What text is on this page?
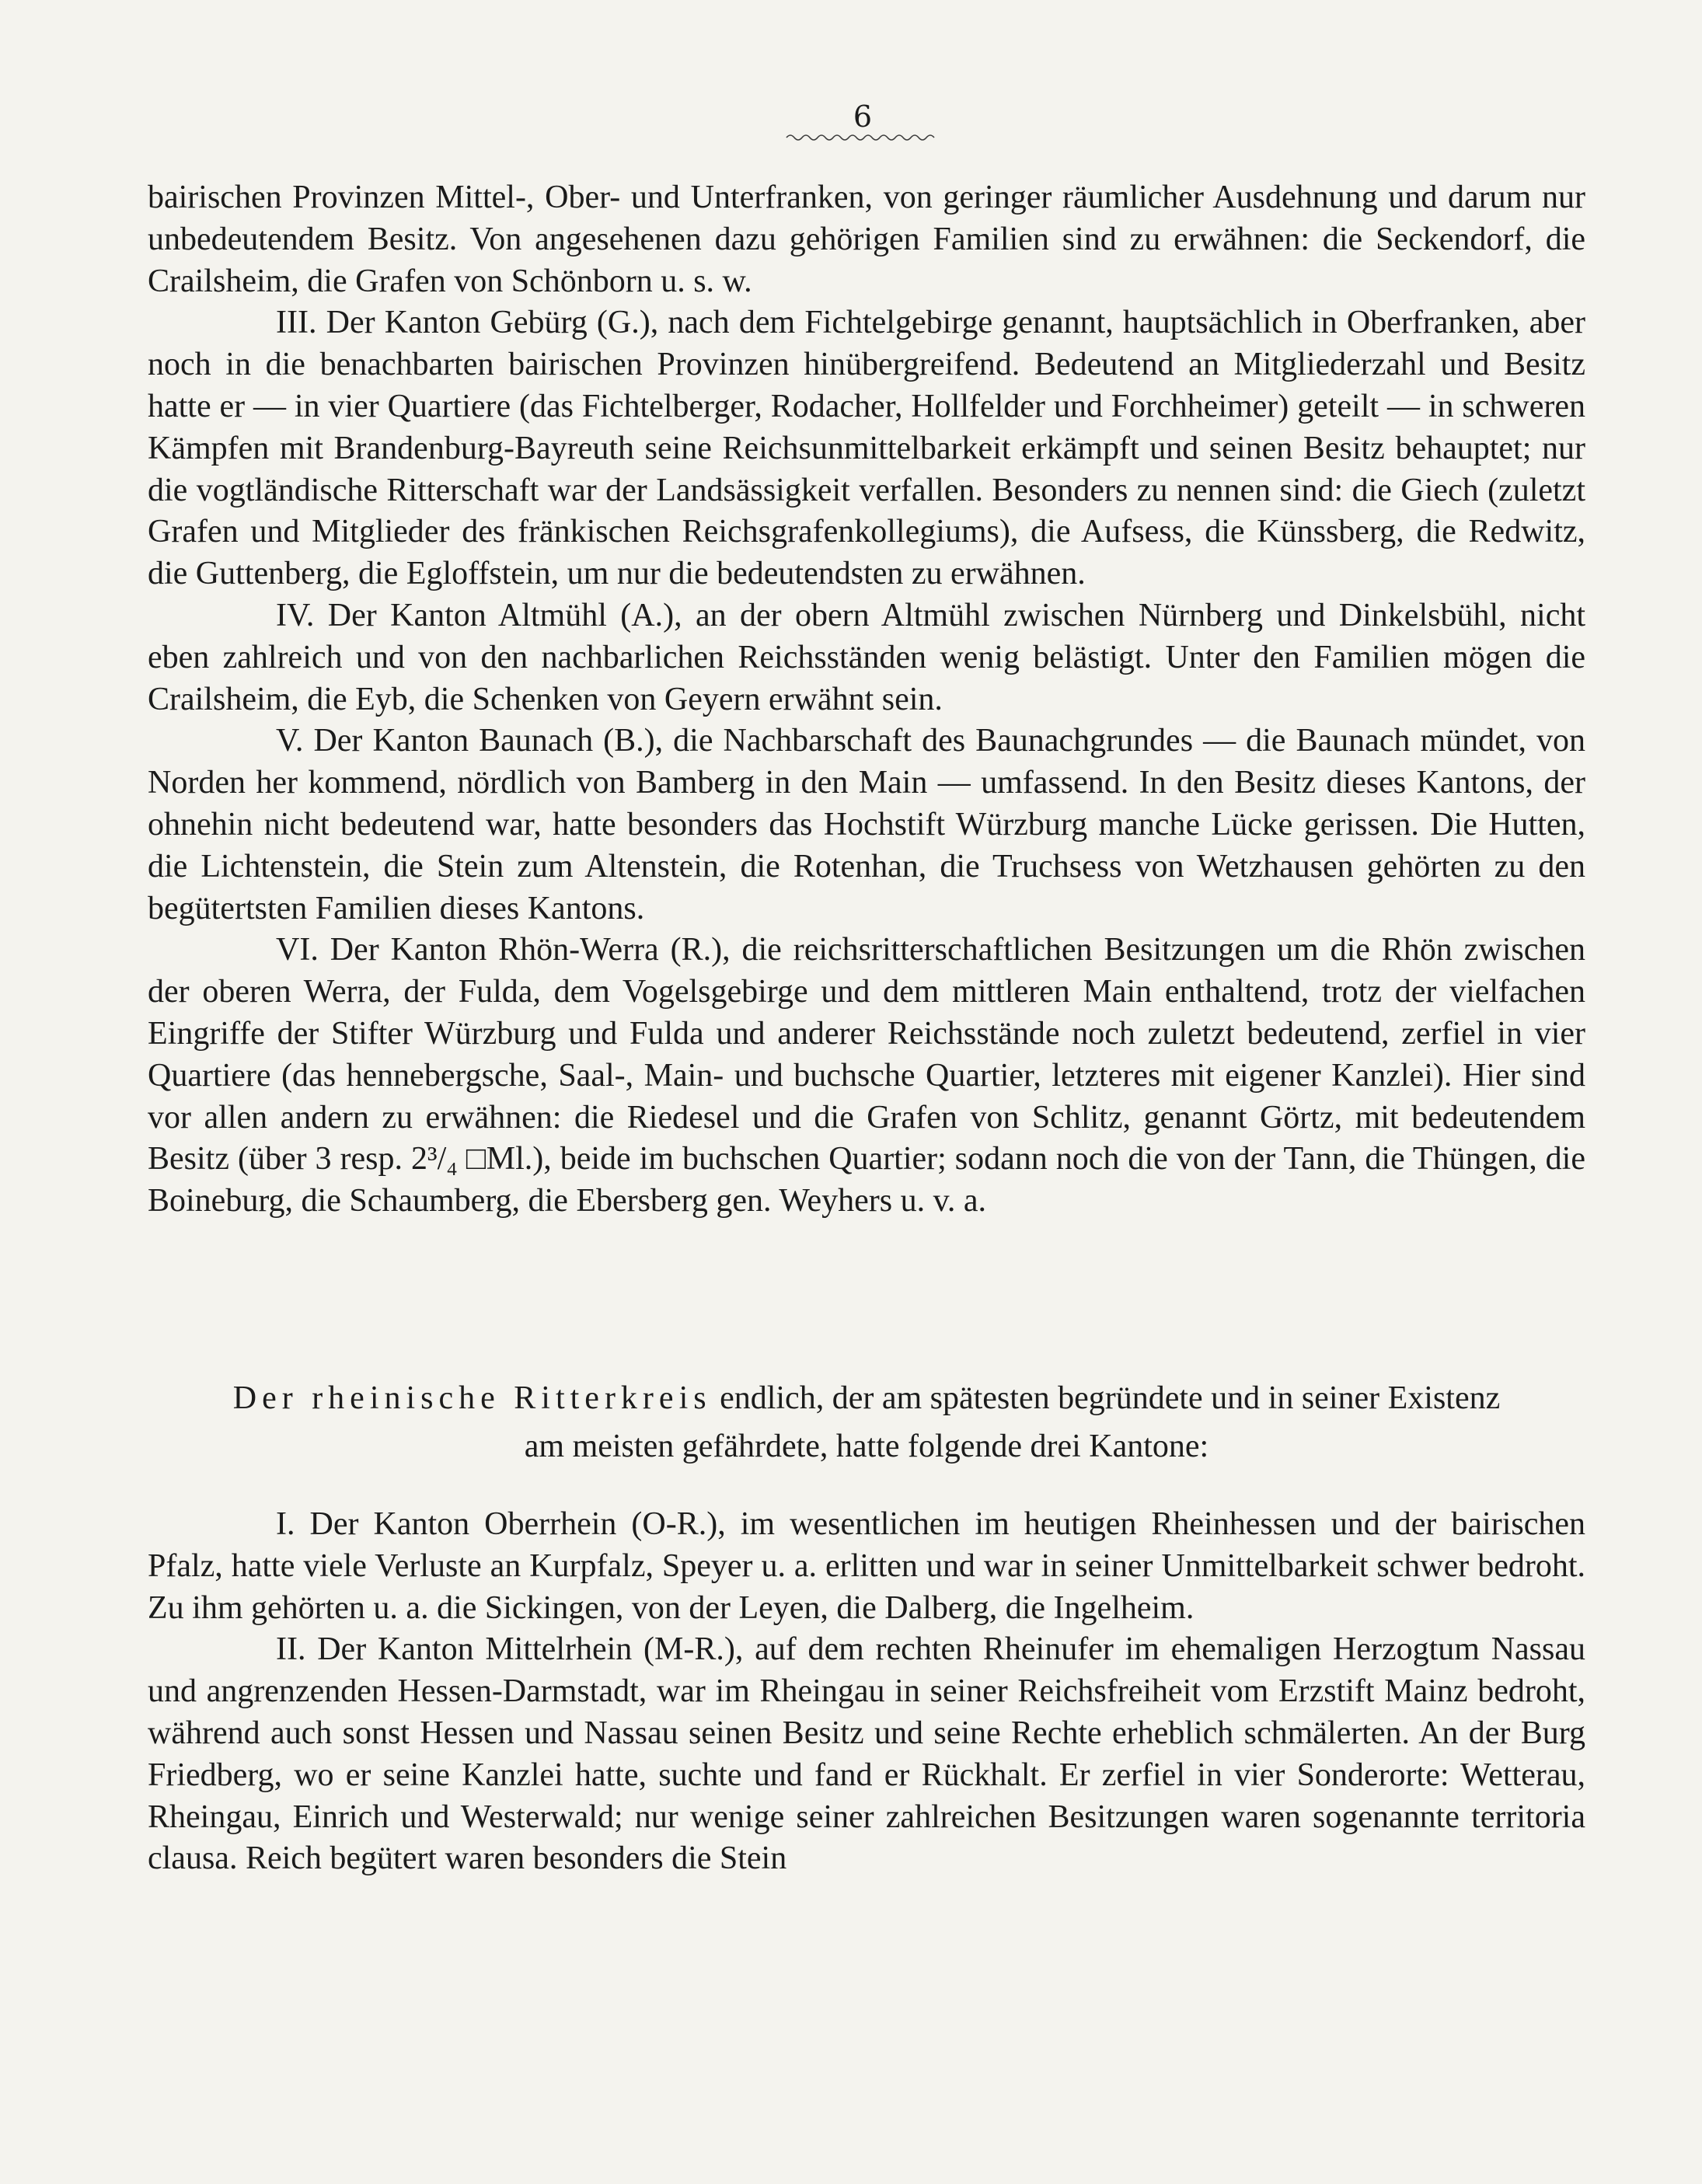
6

bairischen Provinzen Mittel-, Ober- und Unterfranken, von geringer räumlicher Ausdehnung und darum nur unbedeutendem Besitz. Von angesehenen dazu gehörigen Familien sind zu erwähnen: die Seckendorf, die Crailsheim, die Grafen von Schönborn u. s. w.

III. Der Kanton Gebürg (G.), nach dem Fichtelgebirge genannt, hauptsächlich in Oberfranken, aber noch in die benachbarten bairischen Provinzen hinübergreifend. Bedeutend an Mitgliederzahl und Besitz hatte er — in vier Quartiere (das Fichtelberger, Rodacher, Hollfelder und Forchheimer) geteilt — in schweren Kämpfen mit Brandenburg-Bayreuth seine Reichsunmittelbarkeit erkämpft und seinen Besitz behauptet; nur die vogtländische Ritterschaft war der Landsässigkeit verfallen. Besonders zu nennen sind: die Giech (zuletzt Grafen und Mitglieder des fränkischen Reichsgrafenkollegiums), die Aufsess, die Künssberg, die Redwitz, die Guttenberg, die Egloffstein, um nur die bedeutendsten zu erwähnen.

IV. Der Kanton Altmühl (A.), an der obern Altmühl zwischen Nürnberg und Dinkelsbühl, nicht eben zahlreich und von den nachbarlichen Reichsständen wenig belästigt. Unter den Familien mögen die Crailsheim, die Eyb, die Schenken von Geyern erwähnt sein.

V. Der Kanton Baunach (B.), die Nachbarschaft des Baunachgrundes — die Baunach mündet, von Norden her kommend, nördlich von Bamberg in den Main — umfassend. In den Besitz dieses Kantons, der ohnehin nicht bedeutend war, hatte besonders das Hochstift Würzburg manche Lücke gerissen. Die Hutten, die Lichtenstein, die Stein zum Altenstein, die Rotenhan, die Truchsess von Wetzhausen gehörten zu den begütertsten Familien dieses Kantons.

VI. Der Kanton Rhön-Werra (R.), die reichsritterschaftlichen Besitzungen um die Rhön zwischen der oberen Werra, der Fulda, dem Vogelsgebirge und dem mittleren Main enthaltend, trotz der vielfachen Eingriffe der Stifter Würzburg und Fulda und anderer Reichsstände noch zuletzt bedeutend, zerfiel in vier Quartiere (das hennebergsche, Saal-, Main- und buchsche Quartier, letzteres mit eigener Kanzlei). Hier sind vor allen andern zu erwähnen: die Riedesel und die Grafen von Schlitz, genannt Görtz, mit bedeutendem Besitz (über 3 resp. 2³/₄ □Ml.), beide im buchschen Quartier; sodann noch die von der Tann, die Thüngen, die Boineburg, die Schaumberg, die Ebersberg gen. Weyhers u. v. a.

Der rheinische Ritterkreis endlich, der am spätesten begründete und in seiner Existenz
am meisten gefährdete, hatte folgende drei Kantone:

I. Der Kanton Oberrhein (O-R.), im wesentlichen im heutigen Rheinhessen und der bairischen Pfalz, hatte viele Verluste an Kurpfalz, Speyer u. a. erlitten und war in seiner Unmittelbarkeit schwer bedroht. Zu ihm gehörten u. a. die Sickingen, von der Leyen, die Dalberg, die Ingelheim.

II. Der Kanton Mittelrhein (M-R.), auf dem rechten Rheinufer im ehemaligen Herzogtum Nassau und angrenzenden Hessen-Darmstadt, war im Rheingau in seiner Reichsfreiheit vom Erzstift Mainz bedroht, während auch sonst Hessen und Nassau seinen Besitz und seine Rechte erheblich schmälerten. An der Burg Friedberg, wo er seine Kanzlei hatte, suchte und fand er Rückhalt. Er zerfiel in vier Sonderorte: Wetterau, Rheingau, Einrich und Westerwald; nur wenige seiner zahlreichen Besitzungen waren sogenannte territoria clausa. Reich begütert waren besonders die Stein
